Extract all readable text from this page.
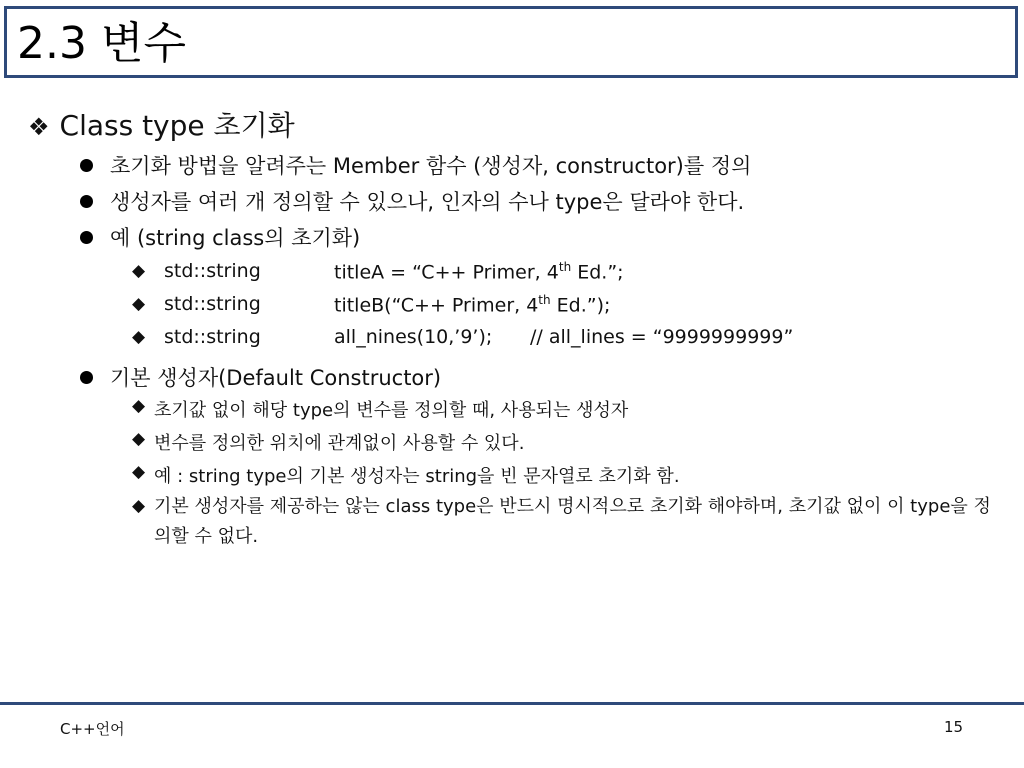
2.3 변수
❖ Class type 초기화
초기화 방법을 알려주는 Member 함수 (생성자, constructor)를 정의
생성자를 여러 개 정의할 수 있으나, 인자의 수나 type은 달라야 한다.
예 (string class의 초기화)
◆ std::string	titleA = “C++ Primer, 4th Ed.”;
◆ std::string	titleB(“C++ Primer, 4th Ed.”);
◆ std::string	all_nines(10,’9’); // all_lines = “9999999999”
기본 생성자(Default Constructor)
◆ 초기값 없이 해당 type의 변수를 정의할 때, 사용되는 생성자
◆ 변수를 정의한 위치에 관계없이 사용할 수 있다.
◆ 예 : string type의 기본 생성자는 string을 빈 문자열로 초기화 함.
◆ 기본 생성자를 제공하는 않는 class type은 반드시 명시적으로 초기화 해야하며, 초기값 없이 이 type을 정의할 수 없다.
C++언어	15
